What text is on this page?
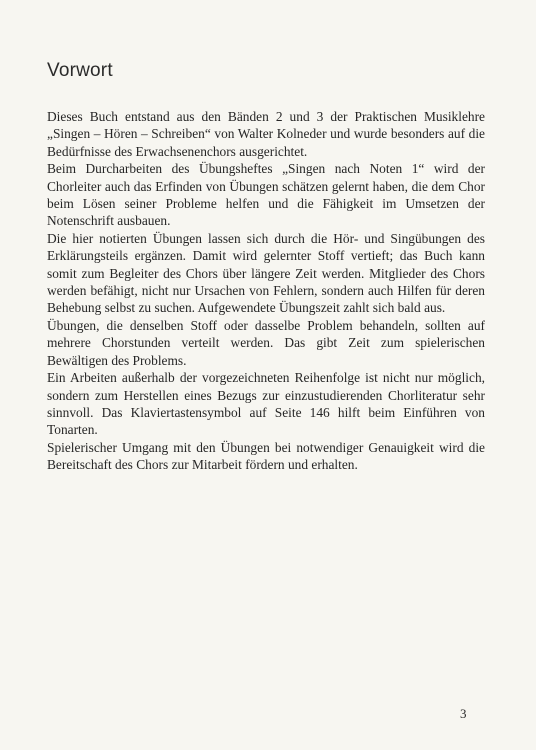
Vorwort

Dieses Buch entstand aus den Bänden 2 und 3 der Praktischen Musiklehre „Singen – Hören – Schreiben“ von Walter Kolneder und wurde besonders auf die Bedürfnisse des Erwachsenenchors ausgerichtet.

Beim Durcharbeiten des Übungsheftes „Singen nach Noten 1“ wird der Chorleiter auch das Erfinden von Übungen schätzen gelernt haben, die dem Chor beim Lösen seiner Probleme helfen und die Fähigkeit im Umsetzen der Notenschrift ausbauen.

Die hier notierten Übungen lassen sich durch die Hör- und Singübungen des Erklärungsteils ergänzen. Damit wird gelernter Stoff vertieft; das Buch kann somit zum Begleiter des Chors über längere Zeit werden. Mitglieder des Chors werden befähigt, nicht nur Ursachen von Fehlern, sondern auch Hilfen für deren Behebung selbst zu suchen. Aufgewendete Übungszeit zahlt sich bald aus.

Übungen, die denselben Stoff oder dasselbe Problem behandeln, sollten auf mehrere Chorstunden verteilt werden. Das gibt Zeit zum spielerischen Bewältigen des Problems.

Ein Arbeiten außerhalb der vorgezeichneten Reihenfolge ist nicht nur möglich, sondern zum Herstellen eines Bezugs zur einzustudierenden Chorliteratur sehr sinnvoll. Das Klaviertastensymbol auf Seite 146 hilft beim Einführen von Tonarten.

Spielerischer Umgang mit den Übungen bei notwendiger Genauigkeit wird die Bereitschaft des Chors zur Mitarbeit fördern und erhalten.

3
